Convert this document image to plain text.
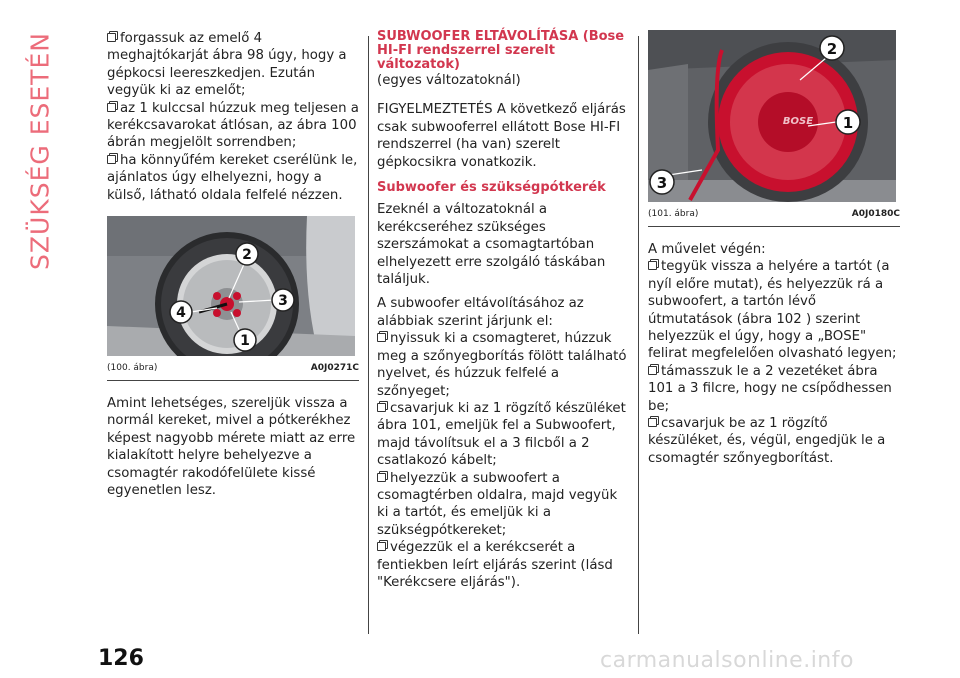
SZÜKSÉG ESETÉN	forgassuk az emelő 4 meghajtókarját ábra 98 úgy, hogy a gépkocsi leereszkedjen. Ezután vegyük ki az emelőt;

az 1 kulccsal húzzuk meg teljesen a kerékcsavarokat átlósan, az ábra 100 ábrán megjelölt sorrendben;

ha könnyűfém kereket cserélünk le, ajánlatos úgy elhelyezni, hogy a külső, látható oldala felfelé nézzen.

2
3
4
1
(100. ábra)	A0J0271C

Amint lehetséges, szereljük vissza a normál kereket, mivel a pótkerékhez képest nagyobb mérete miatt az erre kialakított helyre behelyezve a csomagtér rakodófelülete kissé egyenetlen lesz.

SUBWOOFER ELTÁVOLÍTÁSA (Bose HI-FI rendszerrel szerelt változatok)

(egyes változatoknál)

FIGYELMEZTETÉS A következő eljárás csak subwooferrel ellátott Bose HI-FI rendszerrel (ha van) szerelt gépkocsikra vonatkozik.

Subwoofer és szükségpótkerék

Ezeknél a változatoknál a kerékcseréhez szükséges szerszámokat a csomagtartóban elhelyezett erre szolgáló táskában találjuk.

A subwoofer eltávolításához az alábbiak szerint járjunk el:

nyissuk ki a csomagteret, húzzuk meg a szőnyegborítás fölött található nyelvet, és húzzuk felfelé a szőnyeget;

csavarjuk ki az 1 rögzítő készüléket ábra 101, emeljük fel a Subwoofert, majd távolítsuk el a 3 filcből a 2 csatlakozó kábelt;

helyezzük a subwoofert a csomagtérben oldalra, majd vegyük ki a tartót, és emeljük ki a szükségpótkereket;

végezzük el a kerékcserét a fentiekben leírt eljárás szerint (lásd "Kerékcsere eljárás").

BOSE
2
1
3
(101. ábra)	A0J0180C

A művelet végén:

tegyük vissza a helyére a tartót (a nyíl előre mutat), és helyezzük rá a subwoofert, a tartón lévő útmutatások (ábra 102 ) szerint helyezzük el úgy, hogy a „BOSE" felirat megfelelően olvasható legyen;

támasszuk le a 2 vezetéket ábra 101 a 3 filcre, hogy ne csípődhessen be;

csavarjuk be az 1 rögzítő készüléket, és, végül, engedjük le a csomagtér szőnyegborítást.

126	carmanualsonline.info
